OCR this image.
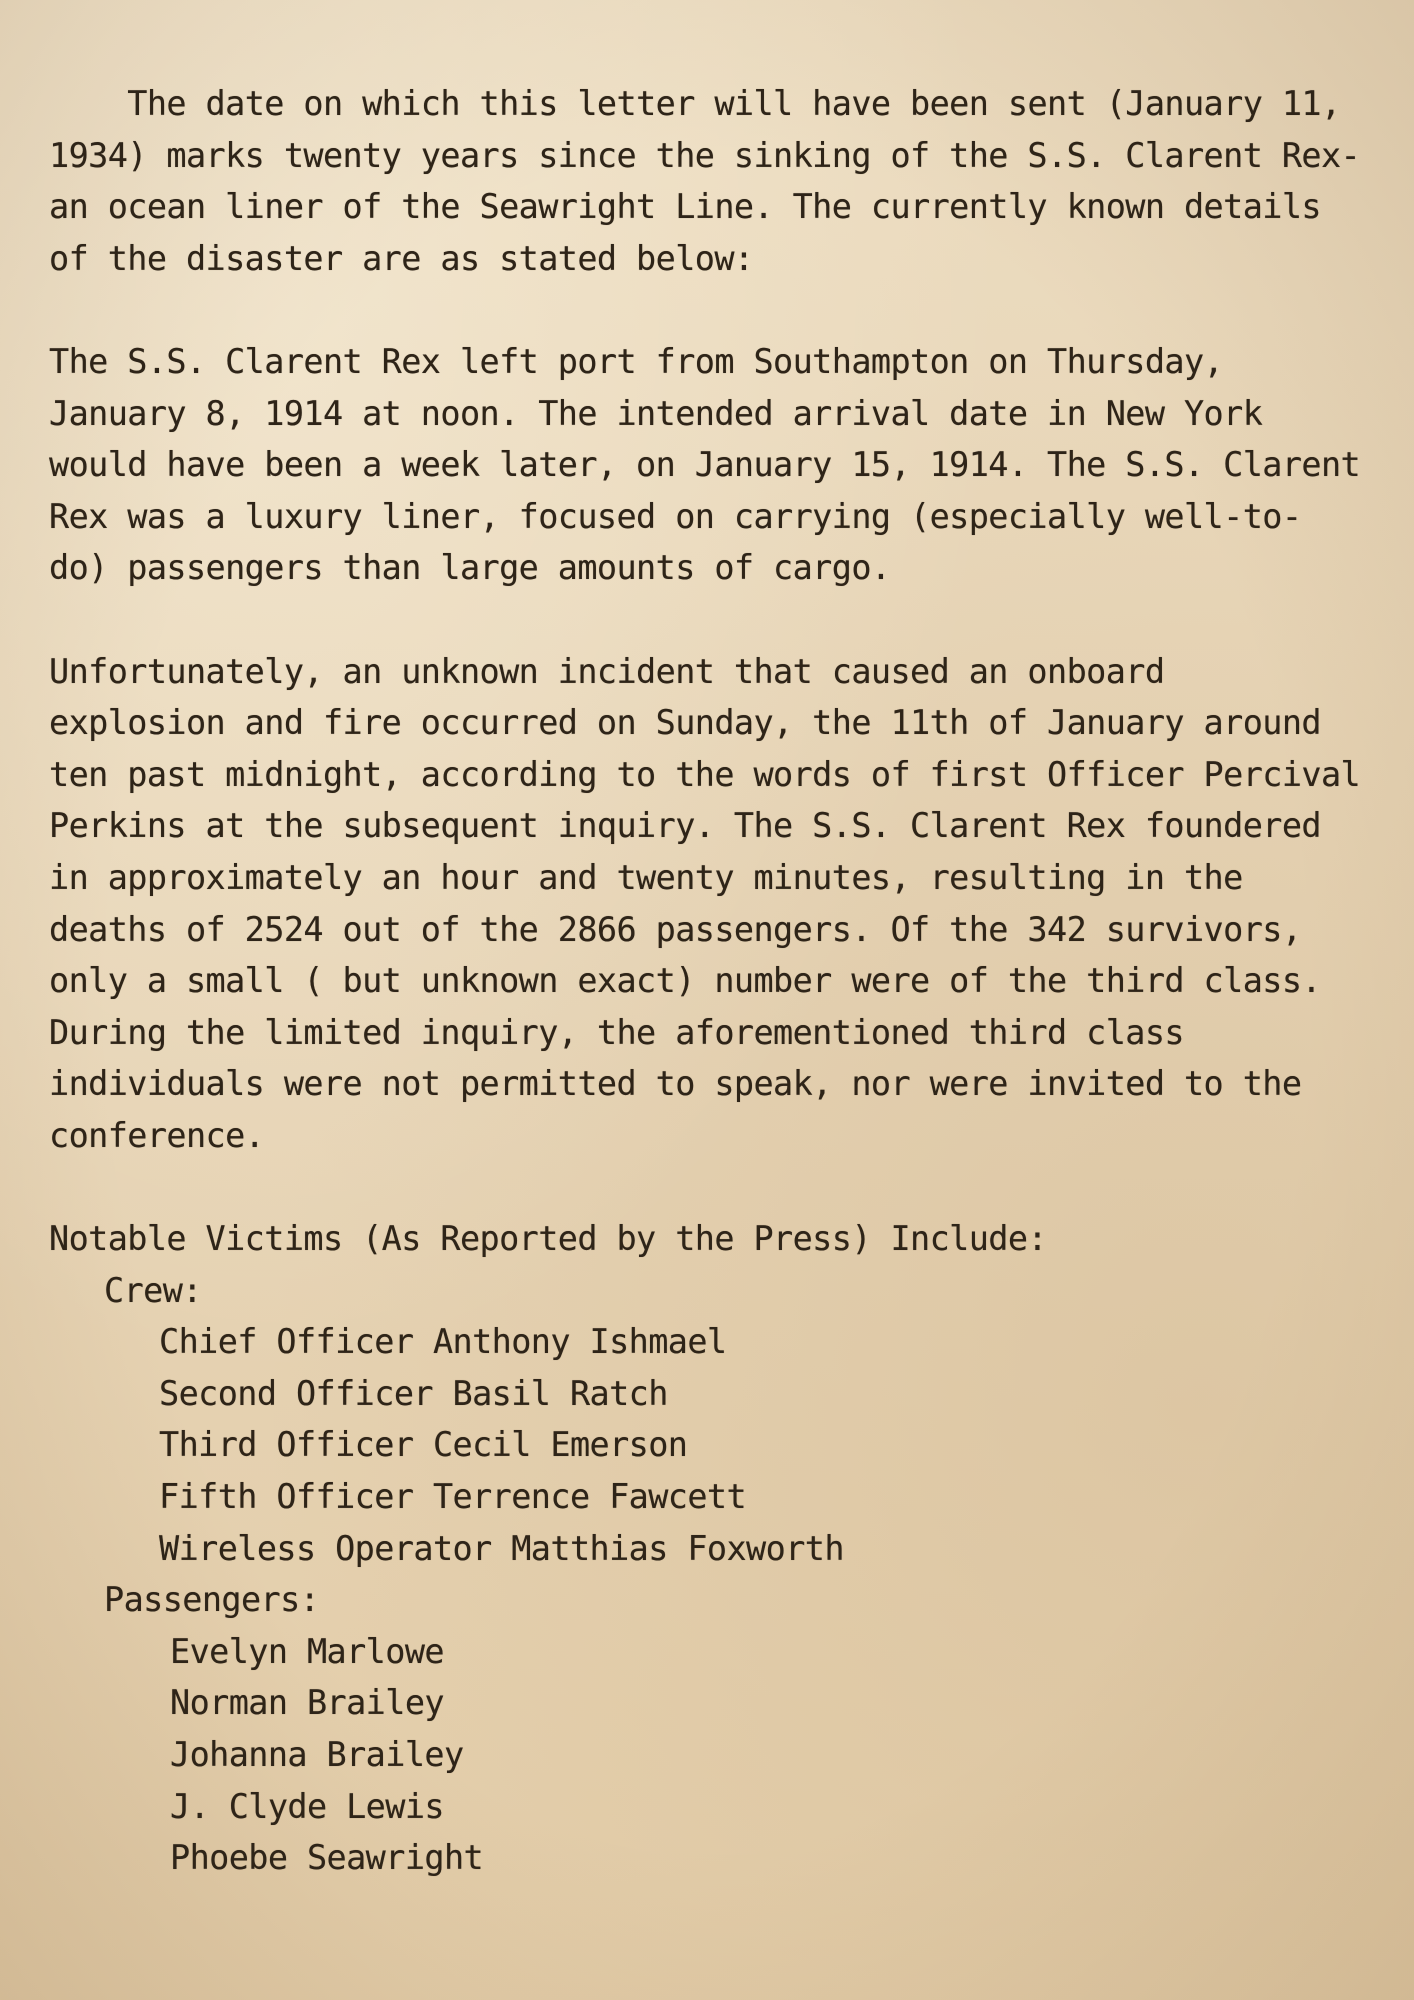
The date on which this letter will have been sent (January 11,
1934) marks twenty years since the sinking of the S.S. Clarent Rex-
an ocean liner of the Seawright Line. The currently known details
of the disaster are as stated below:

The S.S. Clarent Rex left port from Southampton on Thursday,
January 8, 1914 at noon. The intended arrival date in New York
would have been a week later, on January 15, 1914. The S.S. Clarent
Rex was a luxury liner, focused on carrying (especially well-to-
do) passengers than large amounts of cargo.

Unfortunately, an unknown incident that caused an onboard
explosion and fire occurred on Sunday, the 11th of January around
ten past midnight, according to the words of first Officer Percival
Perkins at the subsequent inquiry. The S.S. Clarent Rex foundered
in approximately an hour and twenty minutes, resulting in the
deaths of 2524 out of the 2866 passengers. Of the 342 survivors,
only a small ( but unknown exact) number were of the third class.
During the limited inquiry, the aforementioned third class
individuals were not permitted to speak, nor were invited to the
conference.

Notable Victims (As Reported by the Press) Include:
Crew:
Chief Officer Anthony Ishmael
Second Officer Basil Ratch
Third Officer Cecil Emerson
Fifth Officer Terrence Fawcett
Wireless Operator Matthias Foxworth
Passengers:
Evelyn Marlowe
Norman Brailey
Johanna Brailey
J. Clyde Lewis
Phoebe Seawright
